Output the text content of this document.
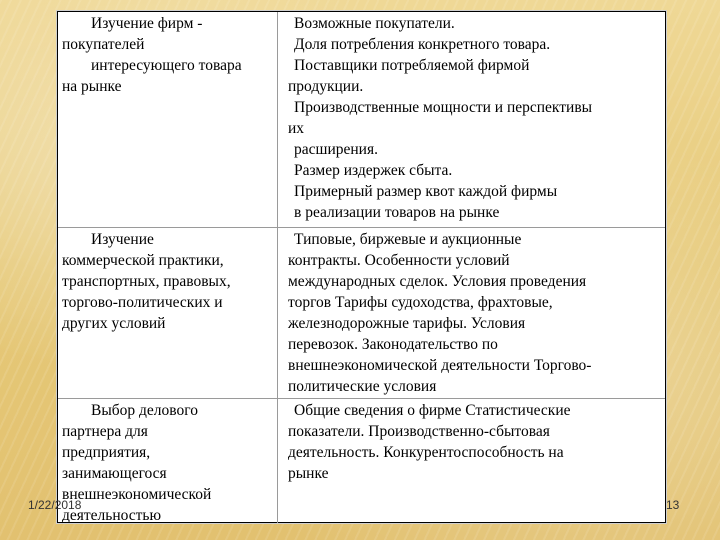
Изучение фирм -
покупателей
интересующего товара
на рынке
Возможные покупатели.
Доля потребления конкретного товара.
Поставщики потребляемой фирмой
продукции.
Производственные мощности и перспективы
их
расширения.
Размер издержек сбыта.
Примерный размер квот каждой фирмы
в реализации товаров на рынке
Изучение
коммерческой практики,
транспортных, правовых,
торгово-политических и
других условий
Типовые, биржевые и аукционные
контракты. Особенности условий
международных сделок. Условия проведения
торгов Тарифы судоходства, фрахтовые,
железнодорожные тарифы. Условия
перевозок. Законодательство по
внешнеэкономической деятельности Торгово-
политические условия
Выбор делового
партнера для
предприятия,
занимающегося
внешнеэкономической
деятельностью
Общие сведения о фирме Статистические
показатели. Производственно-сбытовая
деятельность. Конкурентоспособность на
рынке
1/22/2018	13
